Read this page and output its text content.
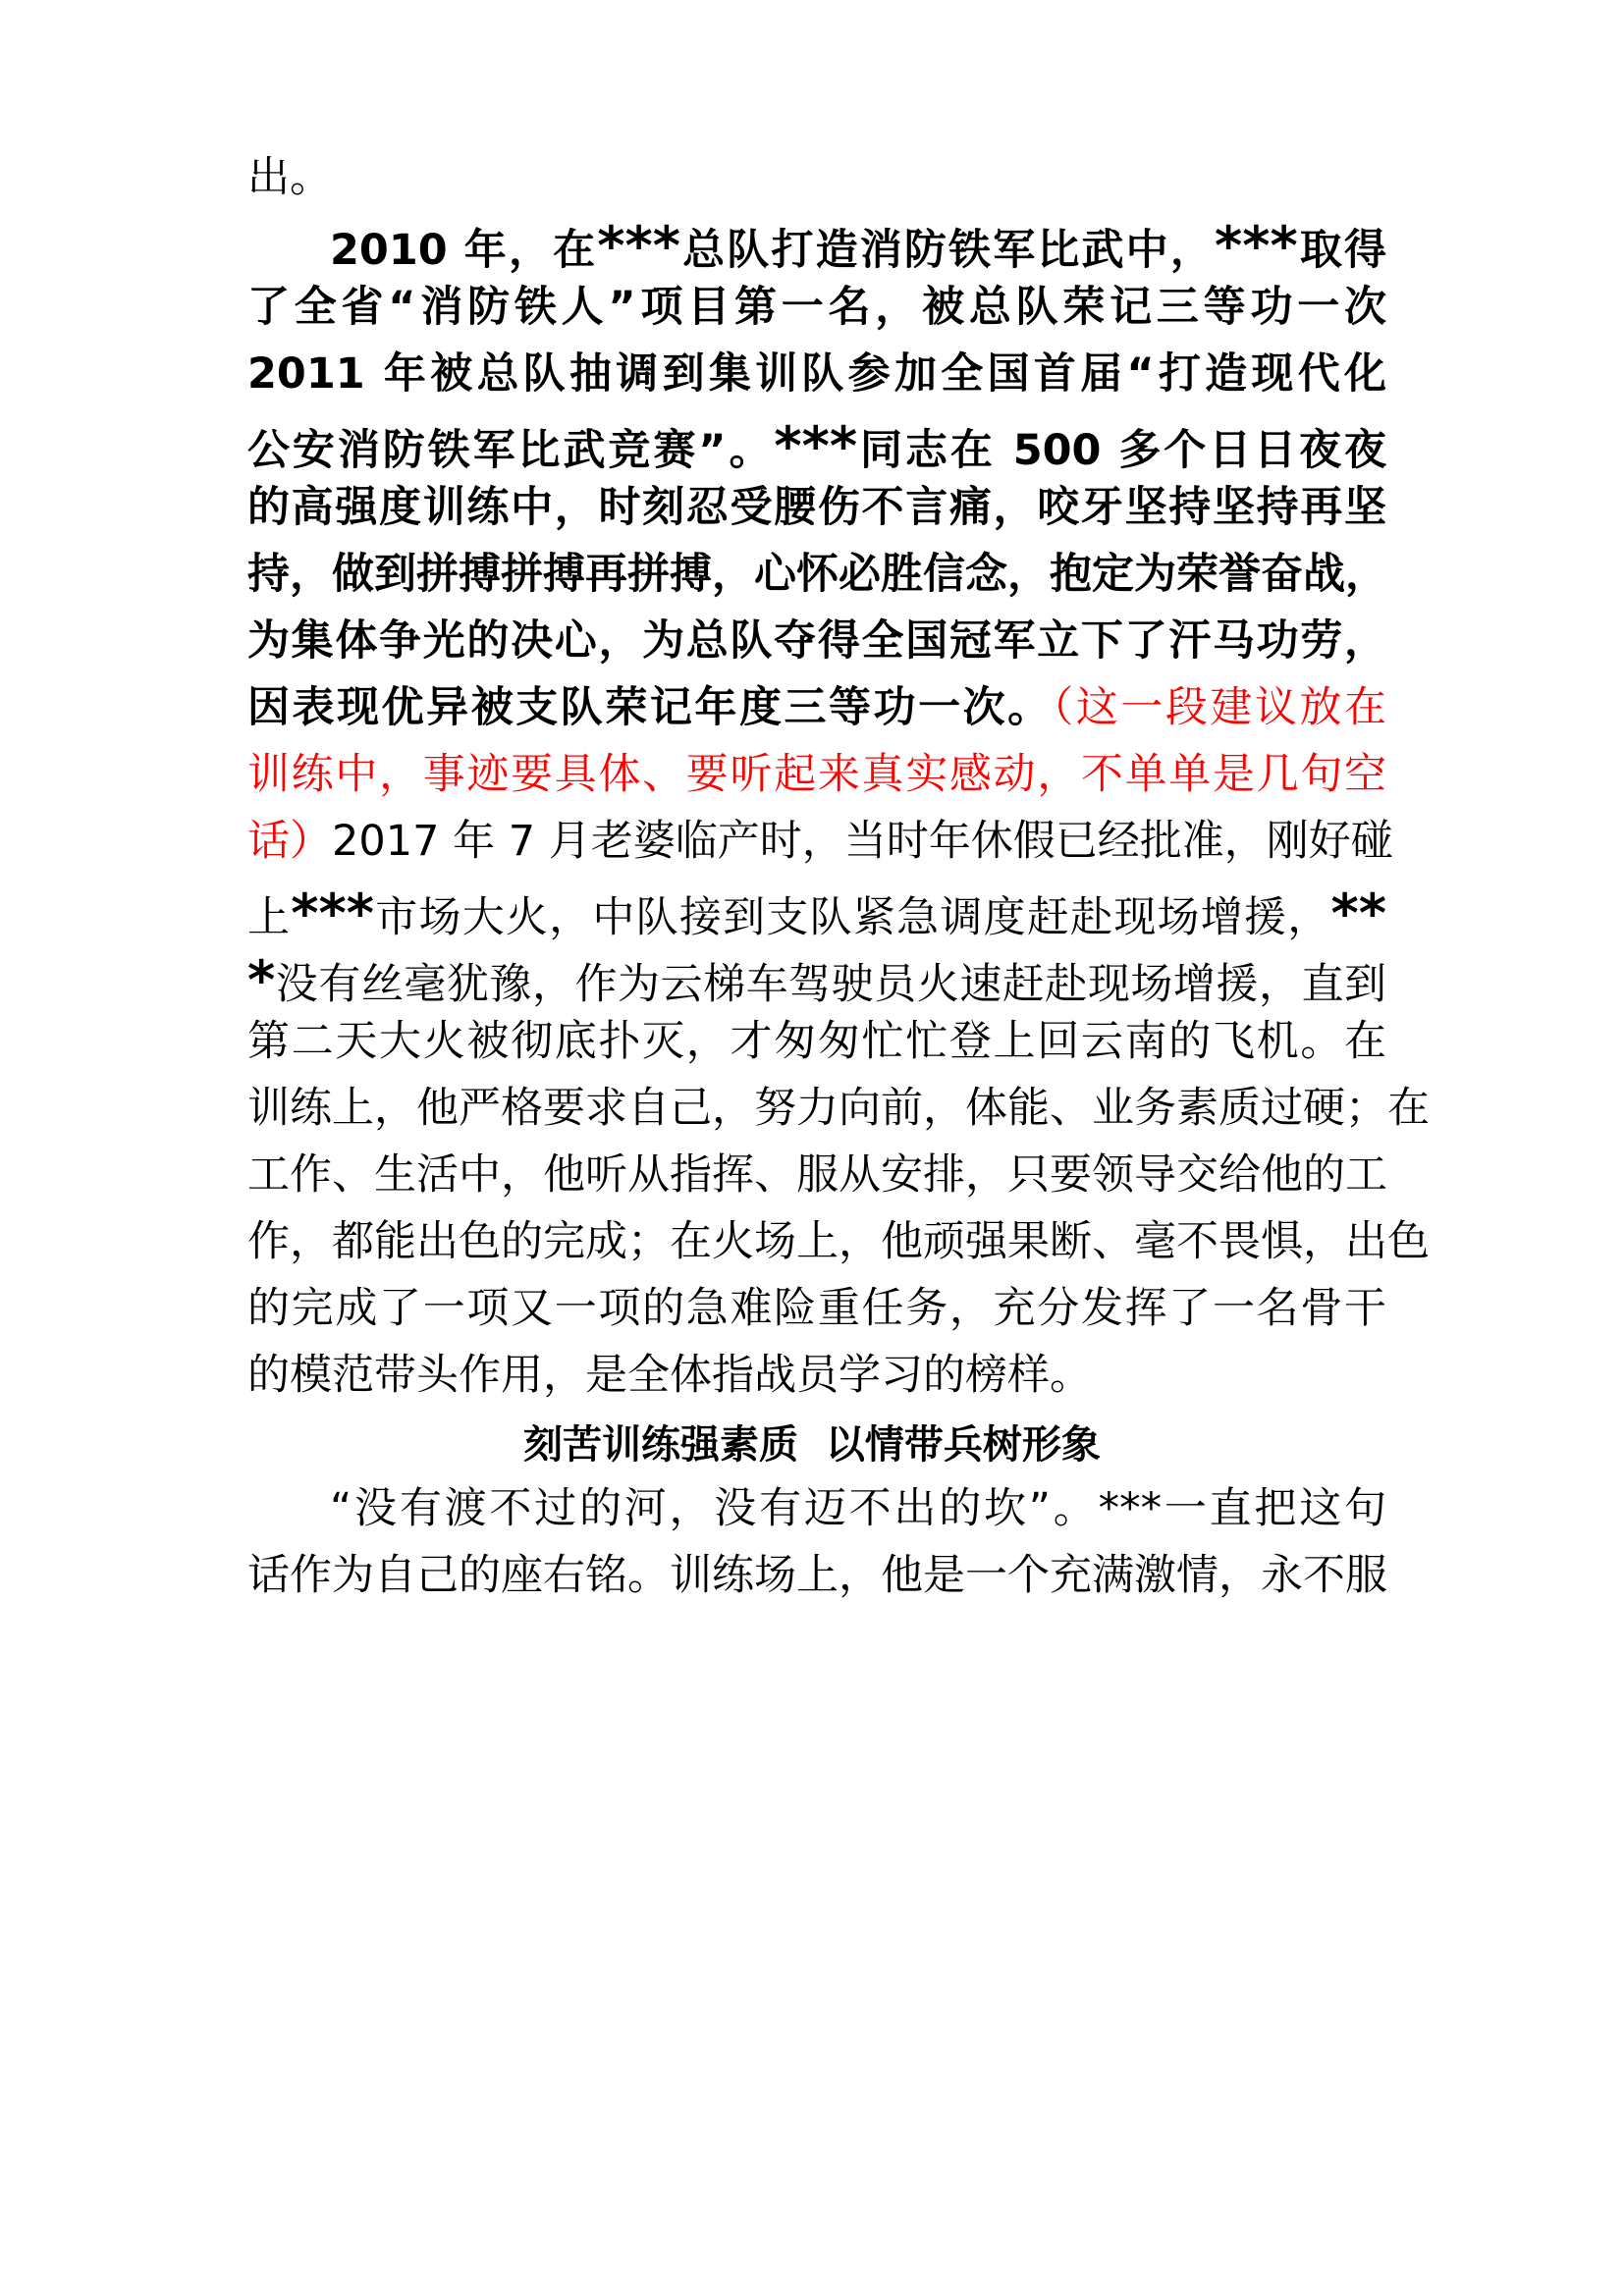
出。
2010 年，在***总队打造消防铁军比武中，***取得
了全省“消防铁人”项目第一名，被总队荣记三等功一次
2011 年被总队抽调到集训队参加全国首届“打造现代化
公安消防铁军比武竞赛”。***同志在 500 多个日日夜夜
的高强度训练中，时刻忍受腰伤不言痛，咬牙坚持坚持再坚
持，做到拼搏拼搏再拼搏，心怀必胜信念，抱定为荣誉奋战，
为集体争光的决心，为总队夺得全国冠军立下了汗马功劳，
因表现优异被支队荣记年度三等功一次。（这一段建议放在
训练中，事迹要具体、要听起来真实感动，不单单是几句空
话）2017 年 7 月老婆临产时，当时年休假已经批准，刚好碰
上***市场大火，中队接到支队紧急调度赶赴现场增援，**
*没有丝毫犹豫，作为云梯车驾驶员火速赶赴现场增援，直到
第二天大火被彻底扑灭，才匆匆忙忙登上回云南的飞机。在
训练上，他严格要求自己，努力向前，体能、业务素质过硬；在
工作、生活中，他听从指挥、服从安排，只要领导交给他的工
作，都能出色的完成；在火场上，他顽强果断、毫不畏惧，出色
的完成了一项又一项的急难险重任务，充分发挥了一名骨干
的模范带头作用，是全体指战员学习的榜样。
刻苦训练强素质  以情带兵树形象
“没有渡不过的河，没有迈不出的坎”。***一直把这句
话作为自己的座右铭。训练场上，他是一个充满激情，永不服
